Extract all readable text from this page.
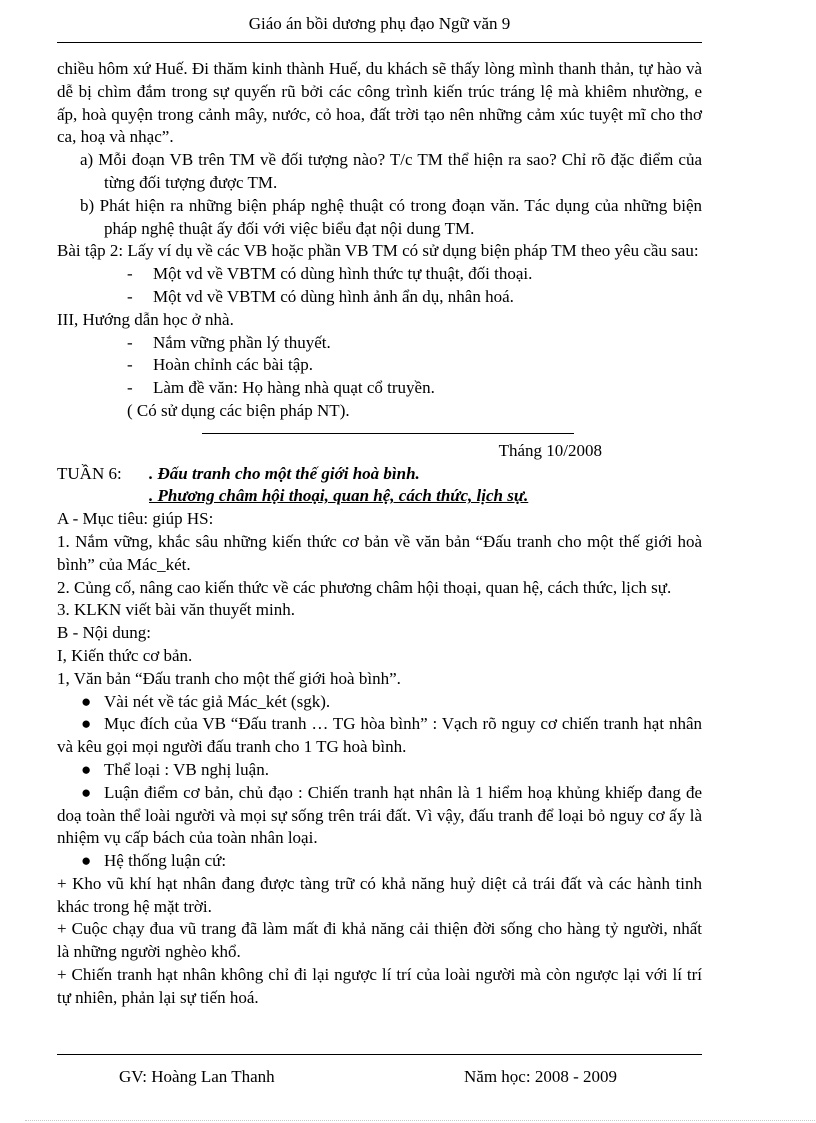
Giáo án bồi dương phụ đạo Ngữ văn 9

chiều hôm xứ Huế. Đi thăm kinh thành Huế, du khách sẽ thấy lòng mình thanh thản, tự hào và dễ bị chìm đắm trong sự quyến rũ bởi các công trình kiến trúc tráng lệ mà khiêm nhường, e ấp, hoà quyện trong cảnh mây, nước, cỏ hoa, đất trời tạo nên những cảm xúc tuyệt mĩ cho thơ ca, hoạ và nhạc”.

a) Mỗi đoạn VB trên TM về đối tượng nào? T/c TM thể hiện ra sao? Chỉ rõ đặc điểm của từng đối tượng được TM.

b) Phát hiện ra những biện pháp nghệ thuật có trong đoạn văn. Tác dụng của những biện pháp nghệ thuật ấy đối với việc biểu đạt nội dung TM.

Bài tập 2: Lấy ví dụ về các VB hoặc phần VB TM có sử dụng biện pháp TM theo yêu cầu sau:

- Một vd về VBTM có dùng hình thức tự thuật, đối thoại.

- Một vd về VBTM có dùng hình ảnh ẩn dụ, nhân hoá.

III, Hướng dẫn học ở nhà.

- Nắm vững phần lý thuyết.

- Hoàn chỉnh các bài tập.

- Làm đề văn: Họ hàng nhà quạt cổ truyền.

( Có sử dụng các biện pháp NT).

Tháng 10/2008

TUẦN 6:	. Đấu tranh cho một thế giới hoà bình.

. Phương châm hội thoại, quan hệ, cách thức, lịch sự.

A - Mục tiêu: giúp HS:

1. Nắm vững, khắc sâu những kiến thức cơ bản về văn bản “Đấu tranh cho một thế giới hoà bình” của Mác_két.

2. Củng cố, nâng cao kiến thức về các phương châm hội thoại, quan hệ, cách thức, lịch sự.

3. KLKN viết bài văn thuyết minh.

B - Nội dung:

I, Kiến thức cơ bản.

1, Văn bản “Đấu tranh cho một thế giới hoà bình”.

● Vài nét về tác giả Mác_két (sgk).

● Mục đích của VB “Đấu tranh … TG hòa bình” : Vạch rõ nguy cơ chiến tranh hạt nhân và kêu gọi mọi người đấu tranh cho 1 TG hoà bình.

● Thể loại : VB nghị luận.

● Luận điểm cơ bản, chủ đạo : Chiến tranh hạt nhân là 1 hiểm hoạ khủng khiếp đang đe doạ toàn thể loài người và mọi sự sống trên trái đất. Vì vậy, đấu tranh để loại bỏ nguy cơ ấy là nhiệm vụ cấp bách của toàn nhân loại.

● Hệ thống luận cứ:

+ Kho vũ khí hạt nhân đang được tàng trữ có khả năng huỷ diệt cả trái đất và các hành tinh khác trong hệ mặt trời.

+ Cuộc chạy đua vũ trang đã làm mất đi khả năng cải thiện đời sống cho hàng tỷ người, nhất là những người nghèo khổ.

+ Chiến tranh hạt nhân không chỉ đi lại ngược lí trí của loài người mà còn ngược lại với lí trí tự nhiên, phản lại sự tiến hoá.

GV: Hoàng Lan Thanh	Năm học: 2008 - 2009
